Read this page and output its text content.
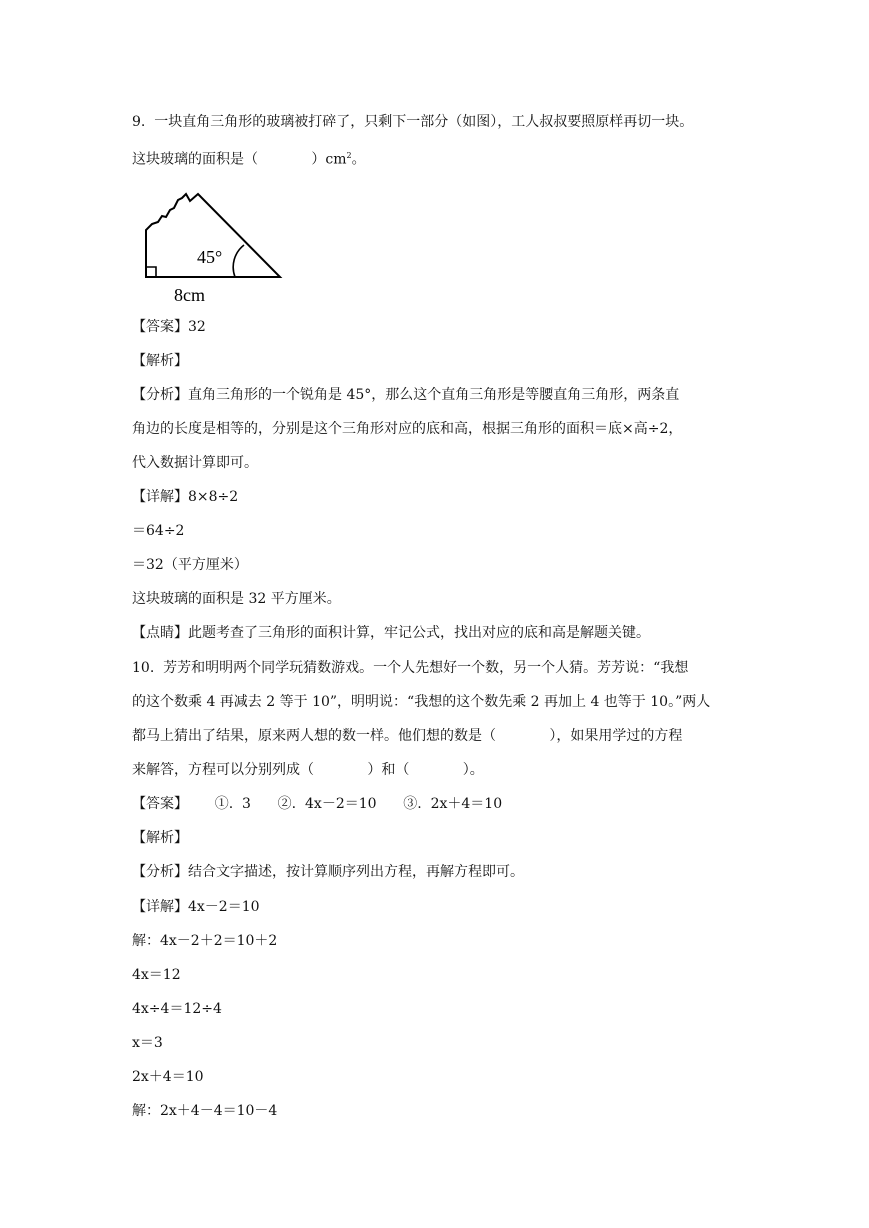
9.  一块直角三角形的玻璃被打碎了，只剩下一部分（如图），工人叔叔要照原样再切一块。
这块玻璃的面积是（            ）$cm^2$。
45°
8cm
【答案】32
【解析】
【分析】直角三角形的一个锐角是 45°，那么这个直角三角形是等腰直角三角形，两条直
角边的长度是相等的，分别是这个三角形对应的底和高，根据三角形的面积＝底×高÷2，
代入数据计算即可。
【详解】8×8÷2
＝64÷2
＝32（平方厘米）
这块玻璃的面积是 32 平方厘米。
【点睛】此题考查了三角形的面积计算，牢记公式，找出对应的底和高是解题关键。
10.  芳芳和明明两个同学玩猜数游戏。一个人先想好一个数，另一个人猜。芳芳说：“我想
的这个数乘 4 再减去 2 等于 10”，明明说：“我想的这个数先乘 2 再加上 4 也等于 10。”两人
都马上猜出了结果，原来两人想的数一样。他们想的数是（            ），如果用学过的方程
来解答，方程可以分别列成（            ）和（            ）。
【答案】      ①.  3      ②.  4x－2＝10      ③.  2x＋4＝10
【解析】
【分析】结合文字描述，按计算顺序列出方程，再解方程即可。
【详解】4x－2＝10
解：4x－2＋2＝10＋2
4x＝12
4x÷4＝12÷4
x＝3
2x＋4＝10
解：2x＋4－4＝10－4
